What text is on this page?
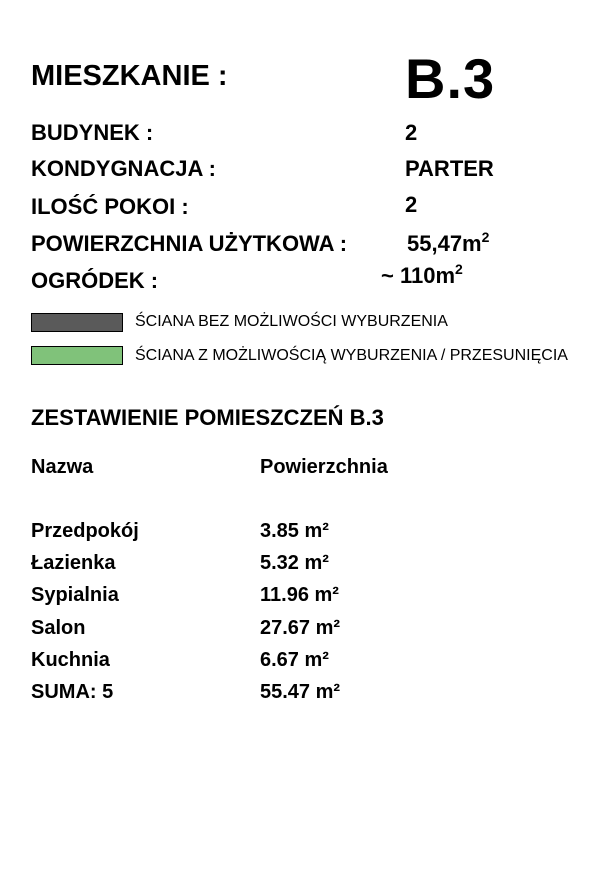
MIESZKANIE :	B.3
BUDYNEK :	2
KONDYGNACJA :	PARTER
ILOŚĆ POKOI :	2
POWIERZCHNIA UŻYTKOWA :	$55,47m^2$
OGRÓDEK :	~ $110m^2$
ŚCIANA BEZ MOŻLIWOŚCI WYBURZENIA
ŚCIANA Z MOŻLIWOŚCIĄ WYBURZENIA / PRZESUNIĘCIA
ZESTAWIENIE POMIESZCZEŃ B.3
Nazwa	Powierzchnia
Przedpokój	3.85 m²
Łazienka	5.32 m²
Sypialnia	11.96 m²
Salon	27.67 m²
Kuchnia	6.67 m²
SUMA: 5	55.47 m²
